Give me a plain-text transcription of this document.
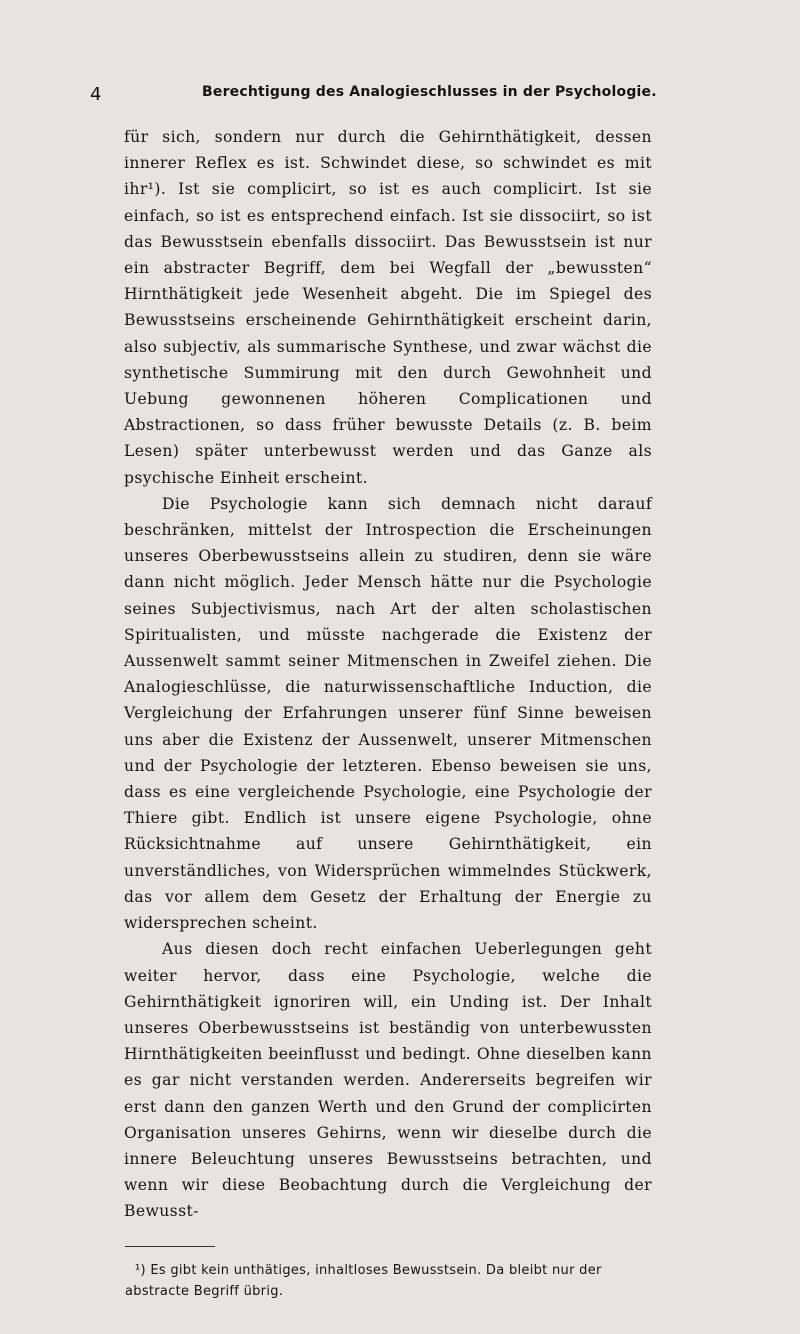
4	Berechtigung des Analogieschlusses in der Psychologie.

für sich, sondern nur durch die Gehirnthätigkeit, dessen innerer Reflex es ist. Schwindet diese, so schwindet es mit ihr¹). Ist sie complicirt, so ist es auch complicirt. Ist sie einfach, so ist es entsprechend einfach. Ist sie dissociirt, so ist das Bewusstsein ebenfalls dissociirt. Das Bewusstsein ist nur ein abstracter Begriff, dem bei Wegfall der „bewussten“ Hirnthätigkeit jede Wesenheit abgeht. Die im Spiegel des Bewusstseins erscheinende Gehirnthätigkeit erscheint darin, also subjectiv, als summarische Synthese, und zwar wächst die synthetische Summirung mit den durch Gewohnheit und Uebung gewonnenen höheren Complicationen und Abstractionen, so dass früher bewusste Details (z. B. beim Lesen) später unterbewusst werden und das Ganze als psychische Einheit erscheint.

Die Psychologie kann sich demnach nicht darauf beschränken, mittelst der Introspection die Erscheinungen unseres Oberbewusstseins allein zu studiren, denn sie wäre dann nicht möglich. Jeder Mensch hätte nur die Psychologie seines Subjectivismus, nach Art der alten scholastischen Spiritualisten, und müsste nachgerade die Existenz der Aussenwelt sammt seiner Mitmenschen in Zweifel ziehen. Die Analogieschlüsse, die naturwissenschaftliche Induction, die Vergleichung der Erfahrungen unserer fünf Sinne beweisen uns aber die Existenz der Aussenwelt, unserer Mitmenschen und der Psychologie der letzteren. Ebenso beweisen sie uns, dass es eine vergleichende Psychologie, eine Psychologie der Thiere gibt. Endlich ist unsere eigene Psychologie, ohne Rücksichtnahme auf unsere Gehirnthätigkeit, ein unverständliches, von Widersprüchen wimmelndes Stückwerk, das vor allem dem Gesetz der Erhaltung der Energie zu widersprechen scheint.

Aus diesen doch recht einfachen Ueberlegungen geht weiter hervor, dass eine Psychologie, welche die Gehirnthätigkeit ignoriren will, ein Unding ist. Der Inhalt unseres Oberbewusstseins ist beständig von unterbewussten Hirnthätigkeiten beeinflusst und bedingt. Ohne dieselben kann es gar nicht verstanden werden. Andererseits begreifen wir erst dann den ganzen Werth und den Grund der complicirten Organisation unseres Gehirns, wenn wir dieselbe durch die innere Beleuchtung unseres Bewusstseins betrachten, und wenn wir diese Beobachtung durch die Vergleichung der Bewusst-

¹) Es gibt kein unthätiges, inhaltloses Bewusstsein. Da bleibt nur der abstracte Begriff übrig.
